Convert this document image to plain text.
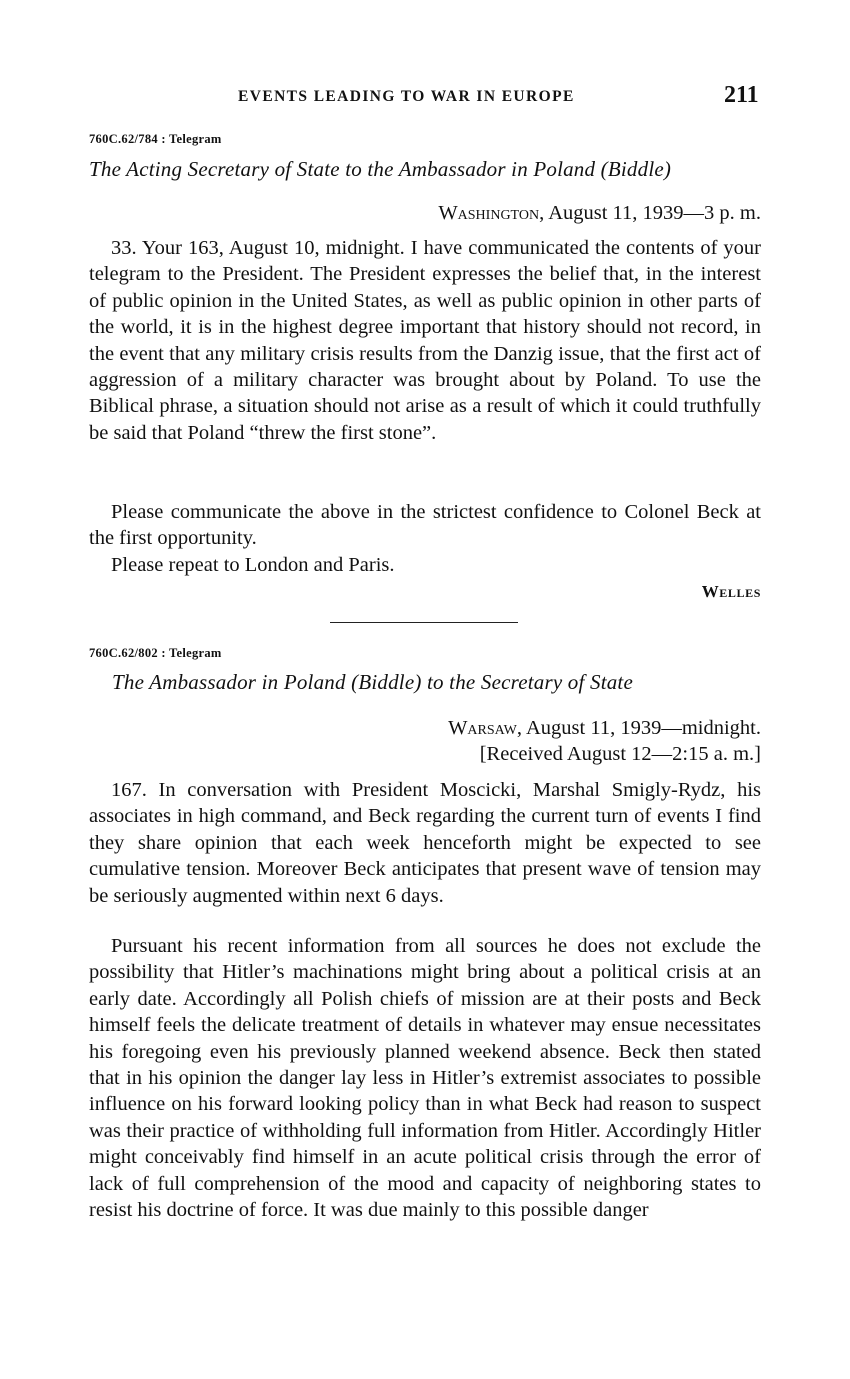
EVENTS LEADING TO WAR IN EUROPE	211
760C.62/784 : Telegram
The Acting Secretary of State to the Ambassador in Poland (Biddle)
Washington, August 11, 1939—3 p. m.
33. Your 163, August 10, midnight. I have communicated the contents of your telegram to the President. The President expresses the belief that, in the interest of public opinion in the United States, as well as public opinion in other parts of the world, it is in the highest degree important that history should not record, in the event that any military crisis results from the Danzig issue, that the first act of aggression of a military character was brought about by Poland. To use the Biblical phrase, a situation should not arise as a result of which it could truthfully be said that Poland “threw the first stone”.
Please communicate the above in the strictest confidence to Colonel Beck at the first opportunity.
Please repeat to London and Paris.
Welles
760C.62/802 : Telegram
The Ambassador in Poland (Biddle) to the Secretary of State
Warsaw, August 11, 1939—midnight.
[Received August 12—2:15 a. m.]
167. In conversation with President Moscicki, Marshal Smigly-Rydz, his associates in high command, and Beck regarding the current turn of events I find they share opinion that each week henceforth might be expected to see cumulative tension. Moreover Beck anticipates that present wave of tension may be seriously augmented within next 6 days.
Pursuant his recent information from all sources he does not exclude the possibility that Hitler’s machinations might bring about a political crisis at an early date. Accordingly all Polish chiefs of mission are at their posts and Beck himself feels the delicate treatment of details in whatever may ensue necessitates his foregoing even his previously planned weekend absence. Beck then stated that in his opinion the danger lay less in Hitler’s extremist associates to possible influence on his forward looking policy than in what Beck had reason to suspect was their practice of withholding full information from Hitler. Accordingly Hitler might conceivably find himself in an acute political crisis through the error of lack of full comprehension of the mood and capacity of neighboring states to resist his doctrine of force. It was due mainly to this possible danger
